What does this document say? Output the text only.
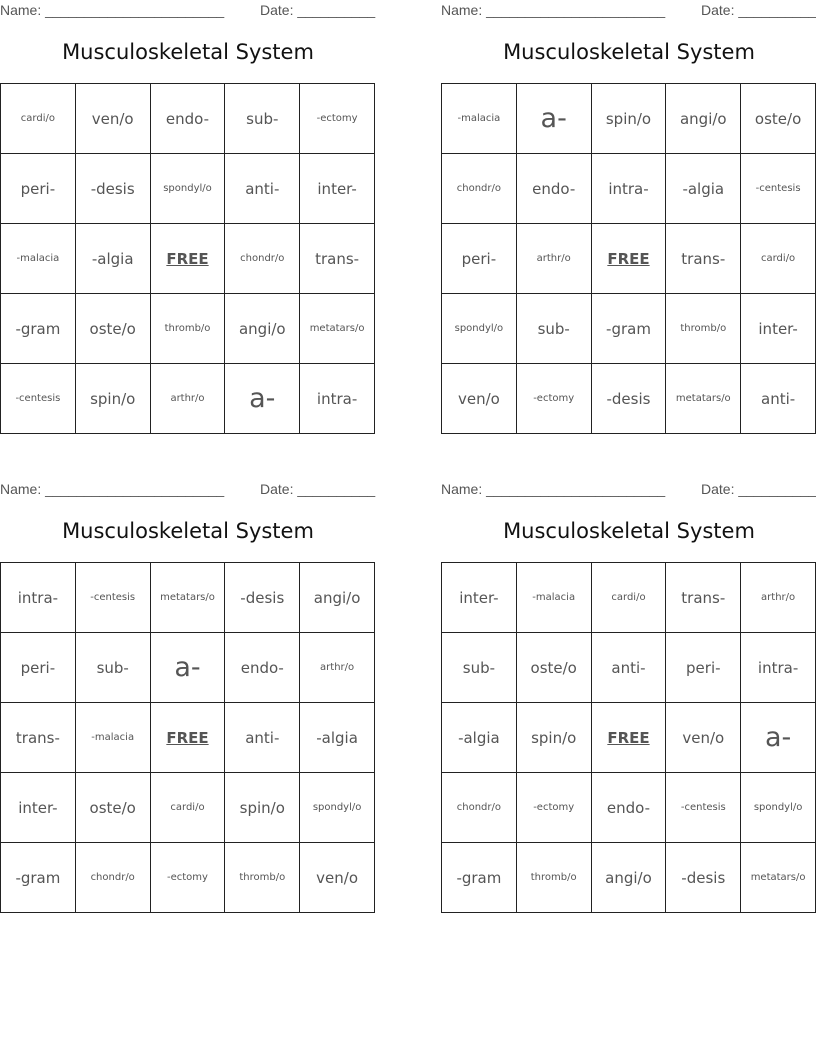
Name: _______________________	Date: __________
Musculoskeletal System
cardi/o	ven/o	endo-	sub-	-ectomy
peri-	-desis	spondyl/o	anti-	inter-
-malacia	-algia	FREE	chondr/o	trans-
-gram	oste/o	thromb/o	angi/o	metatars/o
-centesis	spin/o	arthr/o	a-	intra-
Name: _______________________	Date: __________
Musculoskeletal System
-malacia	a-	spin/o	angi/o	oste/o
chondr/o	endo-	intra-	-algia	-centesis
peri-	arthr/o	FREE	trans-	cardi/o
spondyl/o	sub-	-gram	thromb/o	inter-
ven/o	-ectomy	-desis	metatars/o	anti-
Name: _______________________	Date: __________
Musculoskeletal System
intra-	-centesis	metatars/o	-desis	angi/o
peri-	sub-	a-	endo-	arthr/o
trans-	-malacia	FREE	anti-	-algia
inter-	oste/o	cardi/o	spin/o	spondyl/o
-gram	chondr/o	-ectomy	thromb/o	ven/o
Name: _______________________	Date: __________
Musculoskeletal System
inter-	-malacia	cardi/o	trans-	arthr/o
sub-	oste/o	anti-	peri-	intra-
-algia	spin/o	FREE	ven/o	a-
chondr/o	-ectomy	endo-	-centesis	spondyl/o
-gram	thromb/o	angi/o	-desis	metatars/o
